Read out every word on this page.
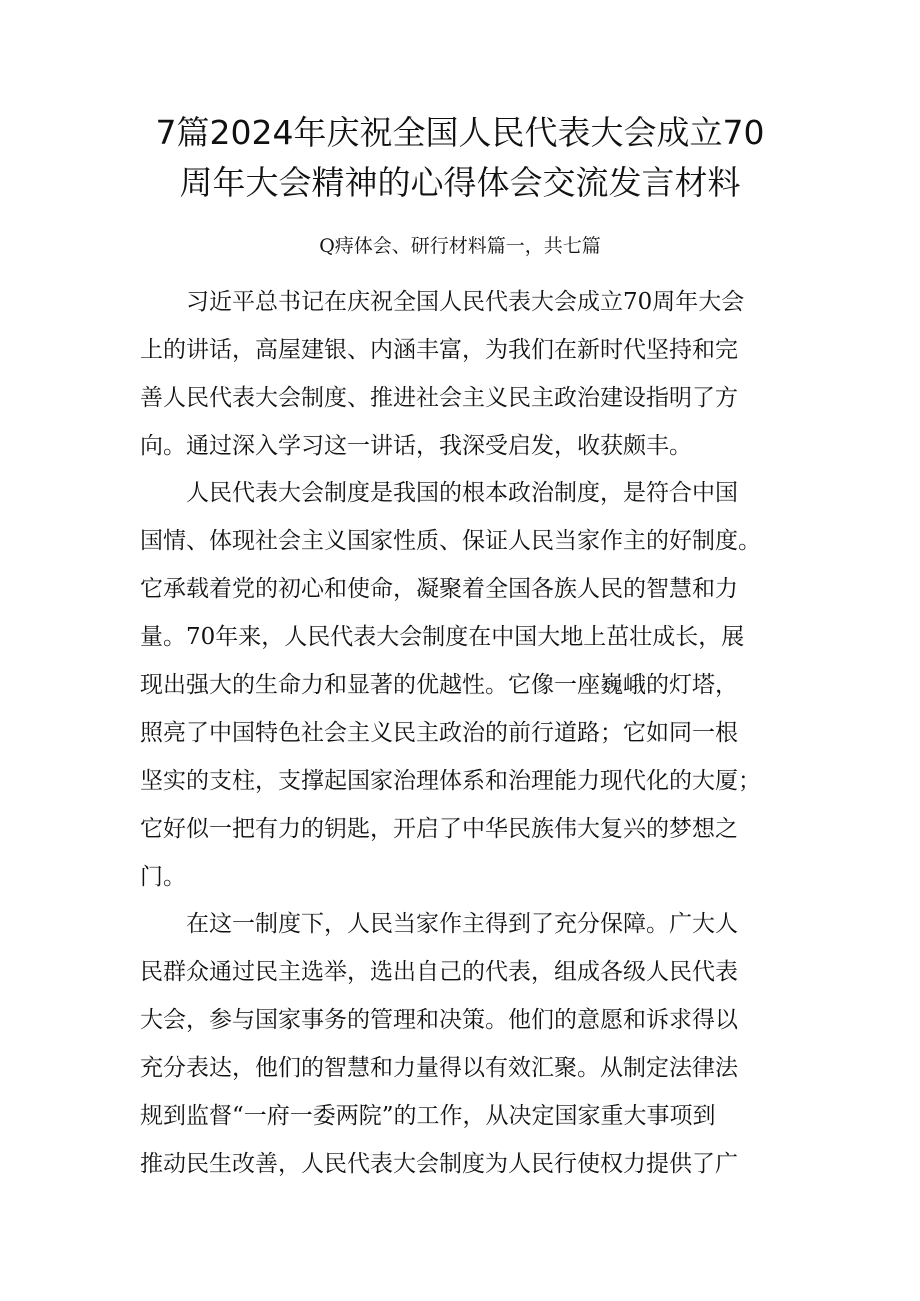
7篇2024年庆祝全国人民代表大会成立70
周年大会精神的心得体会交流发言材料
Q痔体会、研行材料篇一，共七篇
习近平总书记在庆祝全国人民代表大会成立70周年大会
上的讲话，高屋建银、内涵丰富，为我们在新时代坚持和完
善人民代表大会制度、推进社会主义民主政治建设指明了方
向。通过深入学习这一讲话，我深受启发，收获颇丰。
人民代表大会制度是我国的根本政治制度，是符合中国
国情、体现社会主义国家性质、保证人民当家作主的好制度。
它承载着党的初心和使命，凝聚着全国各族人民的智慧和力
量。70年来，人民代表大会制度在中国大地上茁壮成长，展
现出强大的生命力和显著的优越性。它像一座巍峨的灯塔，
照亮了中国特色社会主义民主政治的前行道路；它如同一根
坚实的支柱，支撑起国家治理体系和治理能力现代化的大厦；
它好似一把有力的钥匙，开启了中华民族伟大复兴的梦想之
门。
在这一制度下，人民当家作主得到了充分保障。广大人
民群众通过民主选举，选出自己的代表，组成各级人民代表
大会，参与国家事务的管理和决策。他们的意愿和诉求得以
充分表达，他们的智慧和力量得以有效汇聚。从制定法律法
规到监督“一府一委两院”的工作，从决定国家重大事项到
推动民生改善，人民代表大会制度为人民行使权力提供了广
